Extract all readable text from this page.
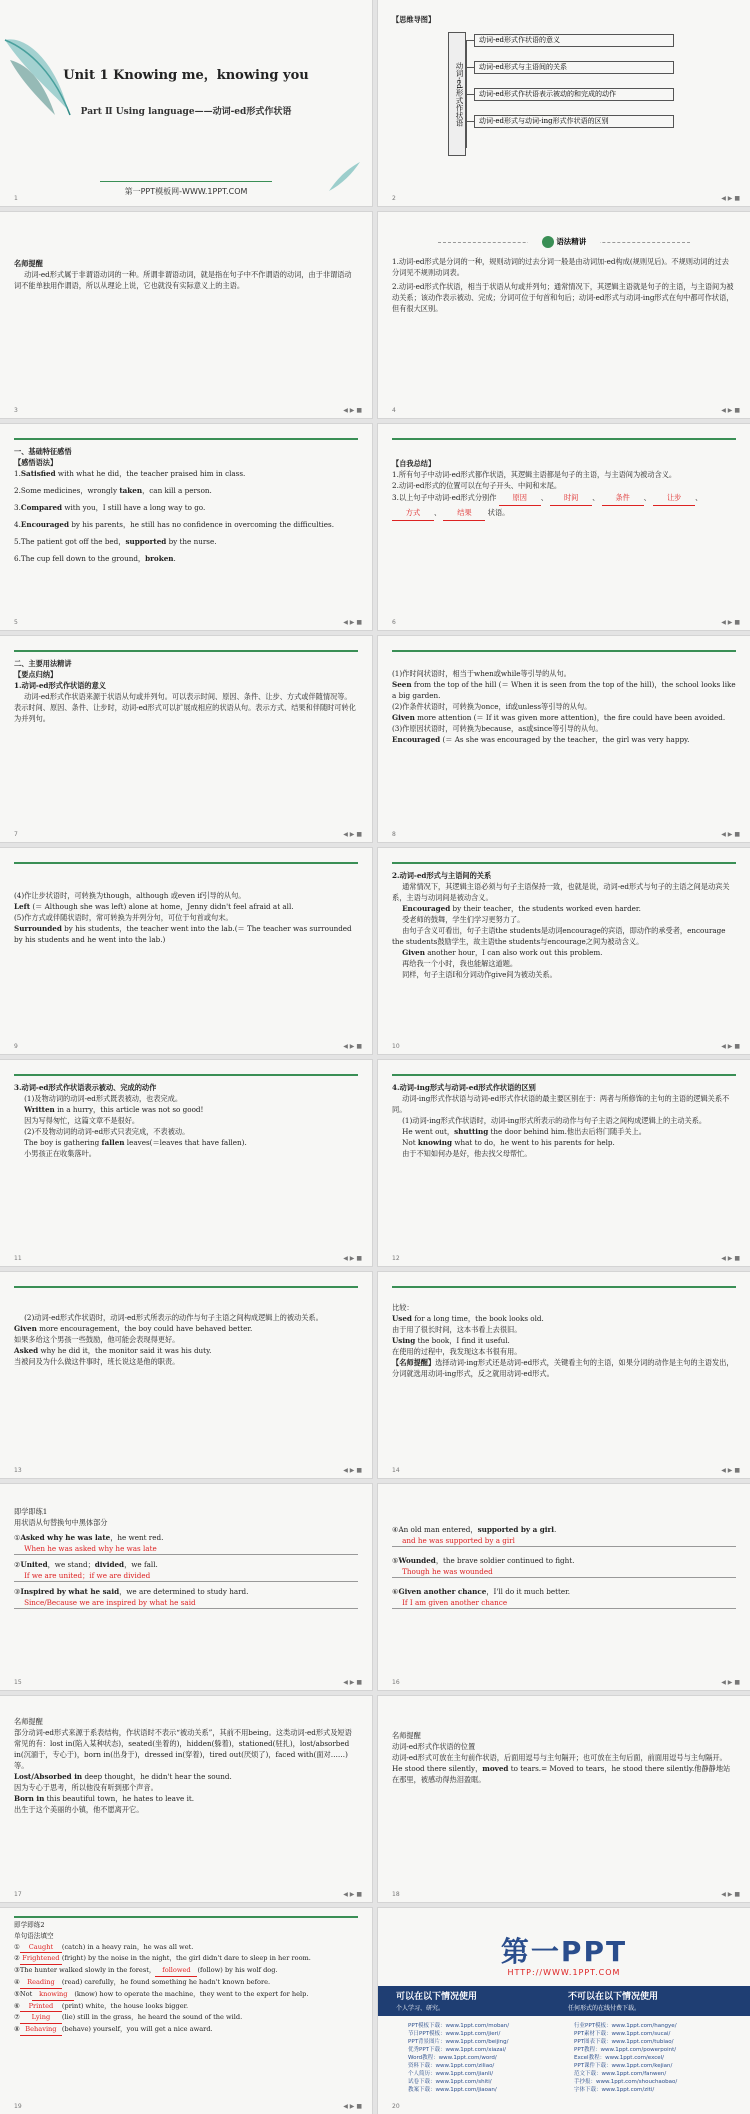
Unit 1 Knowing me，knowing you
Part Ⅱ Using language——动词-ed形式作状语
第一PPT模板网-WWW.1PPT.COM
1

【思维导图】

动词-ed形式作状语
动词-ed形式作状语的意义
动词-ed形式与主语间的关系
动词-ed形式作状语表示被动的和完成的动作
动词-ed形式与动词-ing形式作状语的区别
2	◀ ▶ ■

名师提醒

动词-ed形式属于非谓语动词的一种。所谓非谓语动词，就是指在句子中不作谓语的动词，由于非谓语动词不能单独用作谓语，所以从理论上说，它也就没有实际意义上的主语。

3	◀ ▶ ■
语法精讲

1.动词-ed形式是分词的一种，规则动词的过去分词一般是由动词加-ed构成(规则见后)。不规则动词的过去分词见不规则动词表。

2.动词-ed形式作状语，相当于状语从句或并列句；通常情况下，其逻辑主语就是句子的主语，与主语间为被动关系；该动作表示被动、完成；分词可位于句首和句后；动词-ed形式与动词-ing形式在句中都可作状语，但有很大区别。

4	◀ ▶ ■

一、基础特征感悟

【感悟语法】

1.Satisfied with what he did，the teacher praised him in class.

2.Some medicines，wrongly taken，can kill a person.

3.Compared with you，I still have a long way to go.

4.Encouraged by his parents，he still has no confidence in overcoming the difficulties.

5.The patient got off the bed，supported by the nurse.

6.The cup fell down to the ground，broken.

5	◀ ▶ ■

【自我总结】

1.所有句子中动词-ed形式都作状语，其逻辑主语都是句子的主语，与主语间为被动含义。

2.动词-ed形式的位置可以在句子开头、中间和末尾。

3.以上句子中动词-ed形式分别作 原因 、 时间 、 条件 、 让步 、 方式 、 结果 状语。

6	◀ ▶ ■

二、主要用法精讲

【要点归纳】

1.动词-ed形式作状语的意义

动词-ed形式作状语来源于状语从句或并列句。可以表示时间、原因、条件、让步、方式或伴随情况等。表示时间、原因、条件、让步时，动词-ed形式可以扩展成相应的状语从句。表示方式、结果和伴随时可转化为并列句。

7	◀ ▶ ■

(1)作时间状语时，相当于when或while等引导的从句。

Seen from the top of the hill (＝ When it is seen from the top of the hill)，the school looks like a big garden.

(2)作条件状语时，可转换为once，if或unless等引导的从句。

Given more attention (＝ If it was given more attention)，the fire could have been avoided.

(3)作原因状语时，可转换为because，as或since等引导的从句。

Encouraged (＝ As she was encouraged by the teacher，the girl was very happy.

8	◀ ▶ ■

(4)作让步状语时，可转换为though，although 或even if引导的从句。

Left (＝ Although she was left) alone at home，Jenny didn't feel afraid at all.

(5)作方式或伴随状语时，常可转换为并列分句，可位于句首或句末。

Surrounded by his students，the teacher went into the lab.(＝ The teacher was surrounded by his students and he went into the lab.)

9	◀ ▶ ■

2.动词-ed形式与主语间的关系

通常情况下，其逻辑主语必须与句子主语保持一致，也就是说，动词-ed形式与句子的主语之间是动宾关系，主语与动词间是被动含义。

Encouraged by their teacher，the students worked even harder.

受老师的鼓舞，学生们学习更努力了。

由句子含义可看出，句子主语the students是动词encourage的宾语，即动作的承受者，encourage the students鼓励学生，故主语the students与encourage之间为被动含义。

Given another hour，I can also work out this problem.

再给我一个小时，我也能解这道题。

同样，句子主语I和分词动作give间为被动关系。

10	◀ ▶ ■

3.动词-ed形式作状语表示被动、完成的动作

(1)及物动词的动词-ed形式既表被动，也表完成。

Written in a hurry，this article was not so good!

因为写得匆忙，这篇文章不是很好。

(2)不及物动词的动词-ed形式只表完成，不表被动。

The boy is gathering fallen leaves(＝leaves that have fallen).

小男孩正在收集落叶。

11	◀ ▶ ■

4.动词-ing形式与动词-ed形式作状语的区别

动词-ing形式作状语与动词-ed形式作状语的最主要区别在于：两者与所修饰的主句的主语的逻辑关系不同。

(1)动词-ing形式作状语时，动词-ing形式所表示的动作与句子主语之间构成逻辑上的主动关系。

He went out，shutting the door behind him.他出去后将门随手关上。

Not knowing what to do，he went to his parents for help.

由于不知如何办是好，他去找父母帮忙。

12	◀ ▶ ■

(2)动词-ed形式作状语时，动词-ed形式所表示的动作与句子主语之间构成逻辑上的被动关系。

Given more encouragement，the boy could have behaved better.

如果多给这个男孩一些鼓励，他可能会表现得更好。

Asked why he did it，the monitor said it was his duty.

当被问及为什么做这件事时，班长说这是他的职责。

13	◀ ▶ ■

比较：

Used for a long time，the book looks old.

由于用了很长时间，这本书看上去很旧。

Using the book，I find it useful.

在使用的过程中，我发现这本书很有用。

【名师提醒】选择动词-ing形式还是动词-ed形式，关键看主句的主语，如果分词的动作是主句的主语发出，分词就选用动词-ing形式，反之就用动词-ed形式。

14	◀ ▶ ■

即学即练1

用状语从句替换句中黑体部分

①Asked why he was late，he went red.

When he was asked why he was late

②United，we stand；divided，we fall.

If we are united；if we are divided

③Inspired by what he said，we are determined to study hard.

Since/Because we are inspired by what he said

15	◀ ▶ ■

④An old man entered，supported by a girl.

and he was supported by a girl

⑤Wounded，the brave soldier continued to fight.

Though he was wounded

⑥Given another chance，I'll do it much better.

If I am given another chance

16	◀ ▶ ■

名师提醒

部分动词-ed形式来源于系表结构，作状语时不表示“被动关系”，其前不用being。这类动词-ed形式及短语常见的有：lost in(陷入某种状态)，seated(坐着的)，hidden(躲着)，stationed(驻扎)，lost/absorbed in(沉湎于，专心于)，born in(出身于)，dressed in(穿着)，tired out(厌烦了)，faced with(面对……)等。

Lost/Absorbed in deep thought，he didn't hear the sound.

因为专心于思考，所以他没有听到那个声音。

Born in this beautiful town，he hates to leave it.

出生于这个美丽的小镇，他不愿离开它。

17	◀ ▶ ■

名师提醒

动词-ed形式作状语的位置

动词-ed形式可放在主句前作状语，后面用逗号与主句隔开；也可放在主句后面，前面用逗号与主句隔开。

He stood there silently，moved to tears.= Moved to tears，he stood there silently.他静静地站在那里，被感动得热泪盈眶。

18	◀ ▶ ■

即学即练2

单句语法填空

① Caught (catch) in a heavy rain，he was all wet.

② Frightened (fright) by the noise in the night，the girl didn't dare to sleep in her room.

③The hunter walked slowly in the forest， followed (follow) by his wolf dog.

④ Reading (read) carefully，he found something he hadn't known before.

⑤Not knowing (know) how to operate the machine，they went to the expert for help.

⑥ Printed (print) white，the house looks bigger.

⑦ Lying (lie) still in the grass，he heard the sound of the wild.

⑧ Behaving (behave) yourself，you will get a nice award.

19	◀ ▶ ■
第一PPT
HTTP://WWW.1PPT.COM
可以在以下情况使用
个人学习、研究。
不可以在以下情况使用
任何形式的在线付费下载。
PPT模板下载：www.1ppt.com/moban/
节日PPT模板：www.1ppt.com/jieri/
PPT背景图片：www.1ppt.com/beijing/
优秀PPT下载：www.1ppt.com/xiazai/
Word教程：www.1ppt.com/word/
资料下载：www.1ppt.com/ziliao/
个人简历：www.1ppt.com/jianli/
试卷下载：www.1ppt.com/shiti/
教案下载：www.1ppt.com/jiaoan/
行业PPT模板：www.1ppt.com/hangye/
PPT素材下载：www.1ppt.com/sucai/
PPT图表下载：www.1ppt.com/tubiao/
PPT教程：www.1ppt.com/powerpoint/
Excel教程：www.1ppt.com/excel/
PPT课件下载：www.1ppt.com/kejian/
范文下载：www.1ppt.com/fanwen/
手抄报：www.1ppt.com/shouchaobao/
字体下载：www.1ppt.com/ziti/
20
